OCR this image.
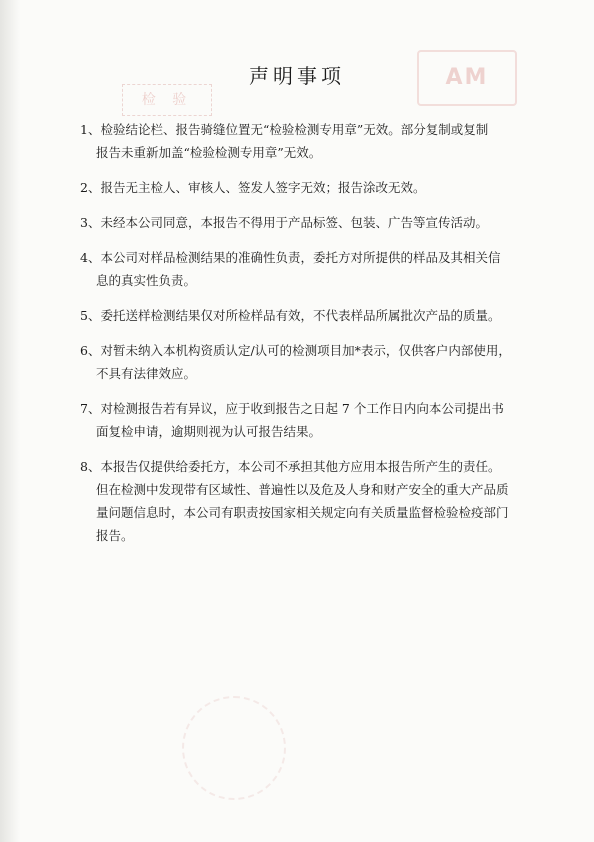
检 验
AM
声明事项
1、检验结论栏、报告骑缝位置无“检验检测专用章”无效。部分复制或复制
报告未重新加盖“检验检测专用章”无效。
2、报告无主检人、审核人、签发人签字无效；报告涂改无效。
3、未经本公司同意，本报告不得用于产品标签、包装、广告等宣传活动。
4、本公司对样品检测结果的准确性负责，委托方对所提供的样品及其相关信
息的真实性负责。
5、委托送样检测结果仅对所检样品有效，不代表样品所属批次产品的质量。
6、对暂未纳入本机构资质认定/认可的检测项目加*表示，仅供客户内部使用，
不具有法律效应。
7、对检测报告若有异议，应于收到报告之日起 7 个工作日内向本公司提出书
面复检申请，逾期则视为认可报告结果。
8、本报告仅提供给委托方，本公司不承担其他方应用本报告所产生的责任。
但在检测中发现带有区域性、普遍性以及危及人身和财产安全的重大产品质
量问题信息时，本公司有职责按国家相关规定向有关质量监督检验检疫部门
报告。
